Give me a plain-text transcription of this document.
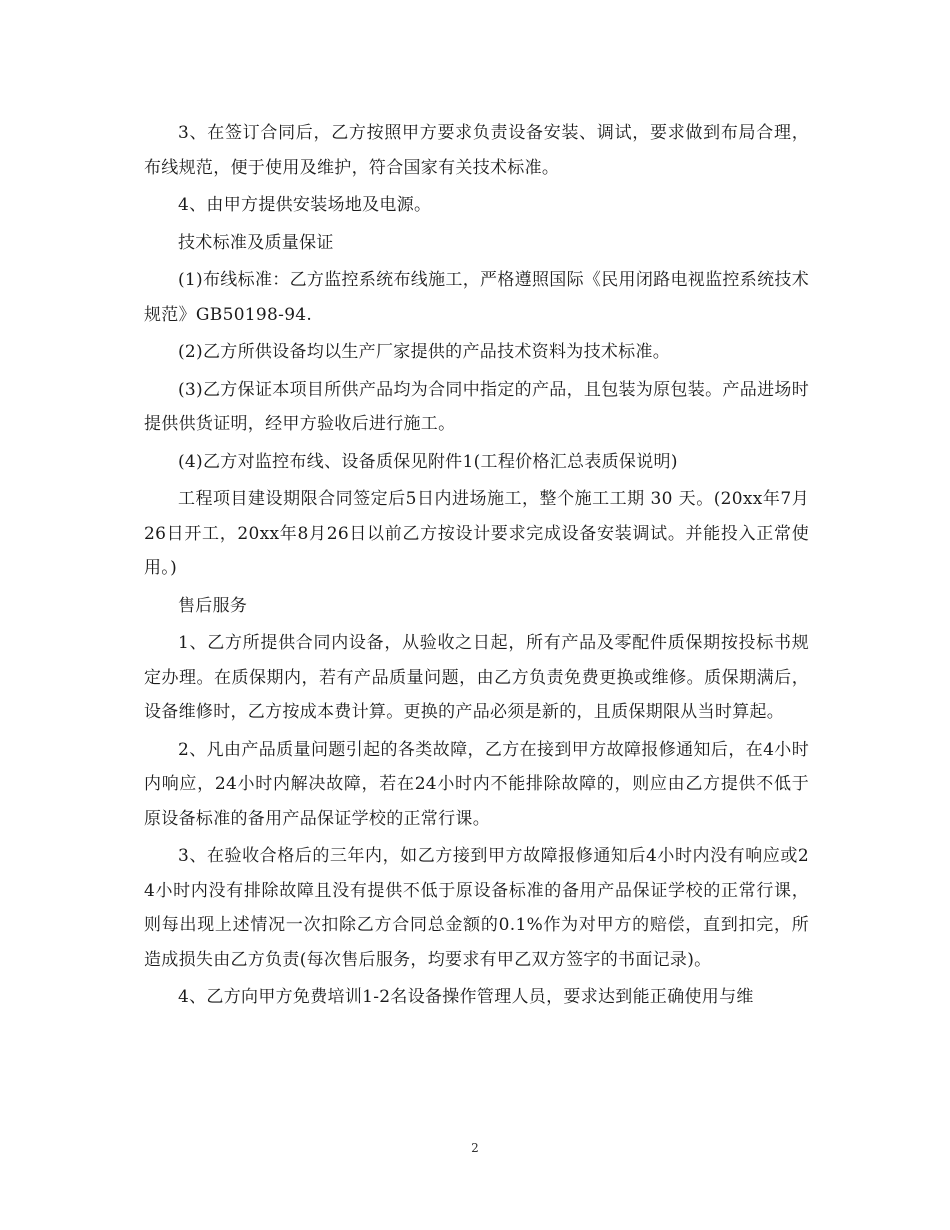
3、在签订合同后，乙方按照甲方要求负责设备安装、调试，要求做到布局合理，布线规范，便于使用及维护，符合国家有关技术标准。

4、由甲方提供安装场地及电源。

技术标准及质量保证

(1)布线标准：乙方监控系统布线施工，严格遵照国际《民用闭路电视监控系统技术规范》GB50198-94.

(2)乙方所供设备均以生产厂家提供的产品技术资料为技术标准。

(3)乙方保证本项目所供产品均为合同中指定的产品，且包装为原包装。产品进场时提供供货证明，经甲方验收后进行施工。

(4)乙方对监控布线、设备质保见附件1(工程价格汇总表质保说明)

工程项目建设期限合同签定后5日内进场施工，整个施工工期 30 天。(20xx年7月26日开工，20xx年8月26日以前乙方按设计要求完成设备安装调试。并能投入正常使用。)

售后服务

1、乙方所提供合同内设备，从验收之日起，所有产品及零配件质保期按投标书规定办理。在质保期内，若有产品质量问题，由乙方负责免费更换或维修。质保期满后，设备维修时，乙方按成本费计算。更换的产品必须是新的，且质保期限从当时算起。

2、凡由产品质量问题引起的各类故障，乙方在接到甲方故障报修通知后，在4小时内响应，24小时内解决故障，若在24小时内不能排除故障的，则应由乙方提供不低于原设备标准的备用产品保证学校的正常行课。

3、在验收合格后的三年内，如乙方接到甲方故障报修通知后4小时内没有响应或24小时内没有排除故障且没有提供不低于原设备标准的备用产品保证学校的正常行课，则每出现上述情况一次扣除乙方合同总金额的0.1%作为对甲方的赔偿，直到扣完，所造成损失由乙方负责(每次售后服务，均要求有甲乙双方签字的书面记录)。

4、乙方向甲方免费培训1-2名设备操作管理人员，要求达到能正确使用与维

2
